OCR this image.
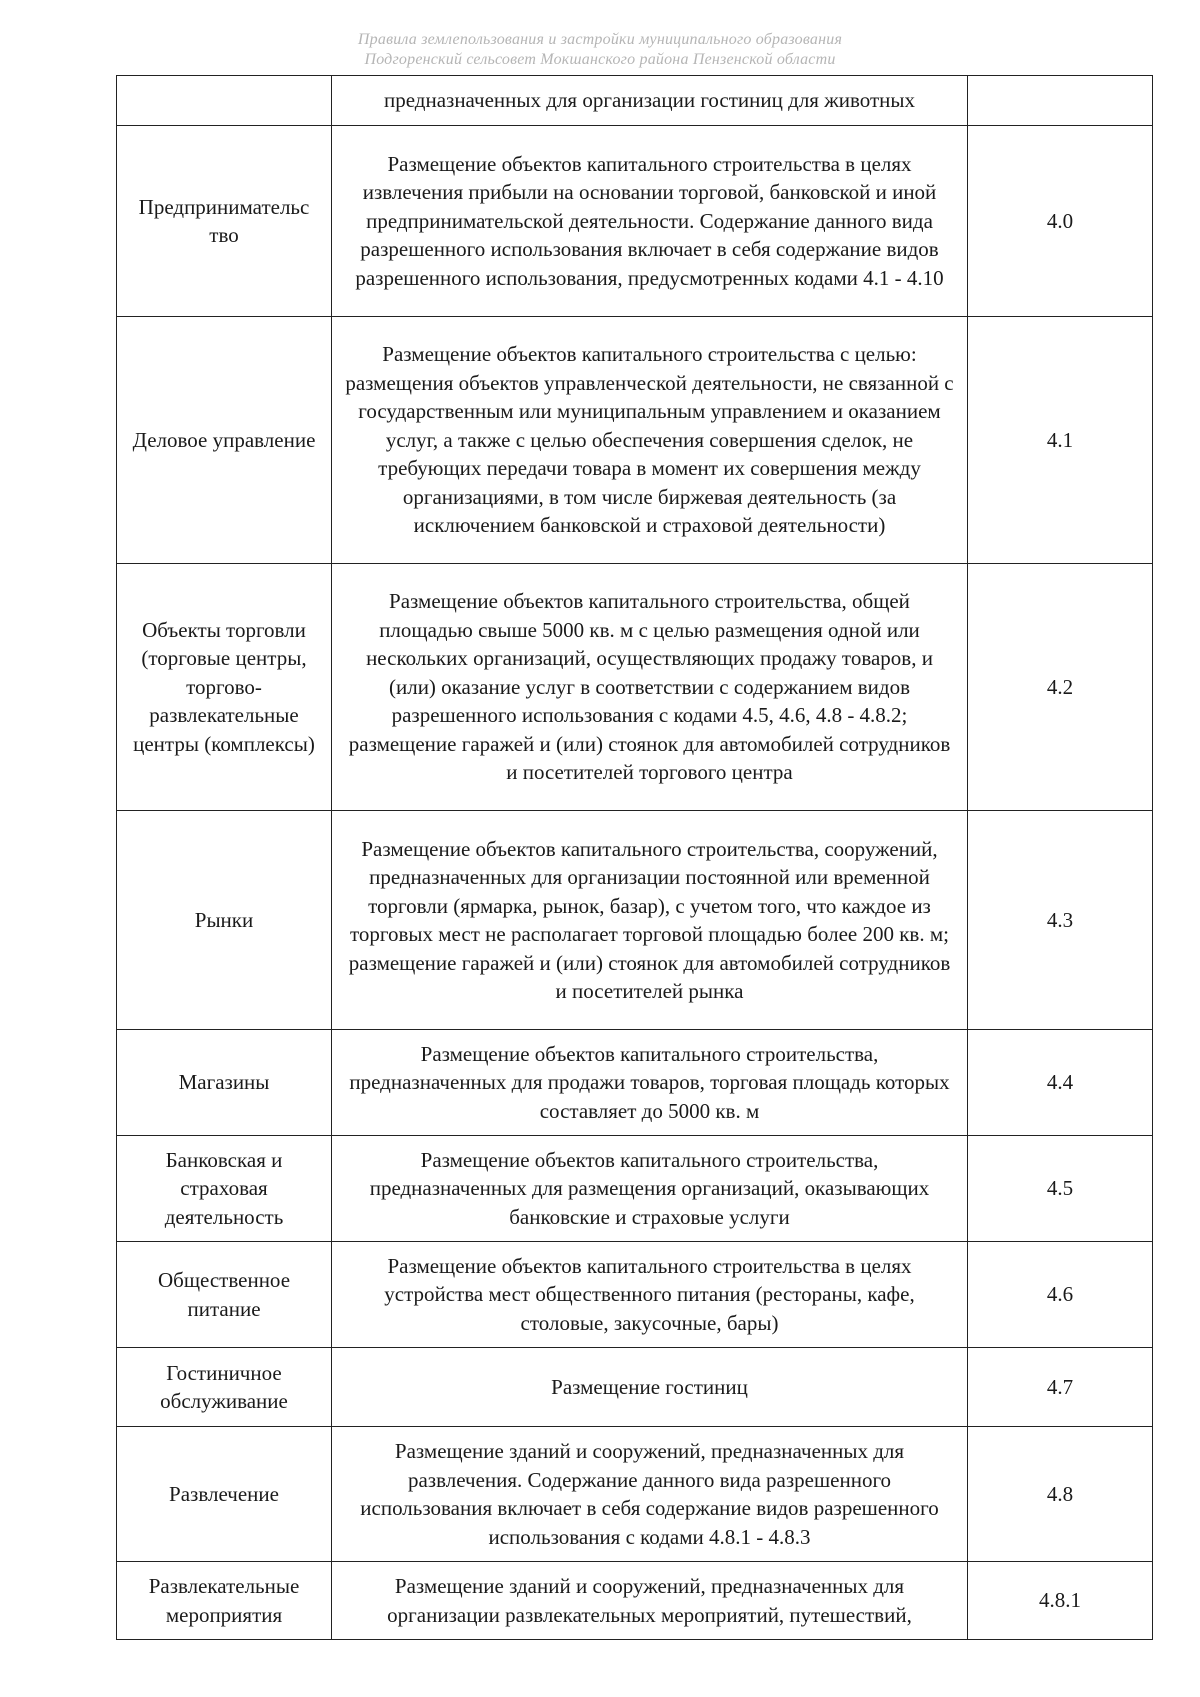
Правила землепользования и застройки муниципального образования
Подгоренский сельсовет Мокшанского района Пензенской области
	предназначенных для организации гостиниц для животных	
Предпринимательс тво	Размещение объектов капитального строительства в целях извлечения прибыли на основании торговой, банковской и иной предпринимательской деятельности. Содержание данного вида разрешенного использования включает в себя содержание видов разрешенного использования, предусмотренных кодами 4.1 - 4.10	4.0
Деловое управление	Размещение объектов капитального строительства с целью: размещения объектов управленческой деятельности, не связанной с государственным или муниципальным управлением и оказанием услуг, а также с целью обеспечения совершения сделок, не требующих передачи товара в момент их совершения между организациями, в том числе биржевая деятельность (за исключением банковской и страховой деятельности)	4.1
Объекты торговли (торговые центры, торгово-развлекательные центры (комплексы)	Размещение объектов капитального строительства, общей площадью свыше 5000 кв. м с целью размещения одной или нескольких организаций, осуществляющих продажу товаров, и (или) оказание услуг в соответствии с содержанием видов разрешенного использования с кодами 4.5, 4.6, 4.8 - 4.8.2; размещение гаражей и (или) стоянок для автомобилей сотрудников и посетителей торгового центра	4.2
Рынки	Размещение объектов капитального строительства, сооружений, предназначенных для организации постоянной или временной торговли (ярмарка, рынок, базар), с учетом того, что каждое из торговых мест не располагает торговой площадью более 200 кв. м; размещение гаражей и (или) стоянок для автомобилей сотрудников и посетителей рынка	4.3
Магазины	Размещение объектов капитального строительства, предназначенных для продажи товаров, торговая площадь которых составляет до 5000 кв. м	4.4
Банковская и страховая деятельность	Размещение объектов капитального строительства, предназначенных для размещения организаций, оказывающих банковские и страховые услуги	4.5
Общественное питание	Размещение объектов капитального строительства в целях устройства мест общественного питания (рестораны, кафе, столовые, закусочные, бары)	4.6
Гостиничное обслуживание	Размещение гостиниц	4.7
Развлечение	Размещение зданий и сооружений, предназначенных для развлечения. Содержание данного вида разрешенного использования включает в себя содержание видов разрешенного использования с кодами 4.8.1 - 4.8.3	4.8
Развлекательные мероприятия	Размещение зданий и сооружений, предназначенных для организации развлекательных мероприятий, путешествий,	4.8.1
